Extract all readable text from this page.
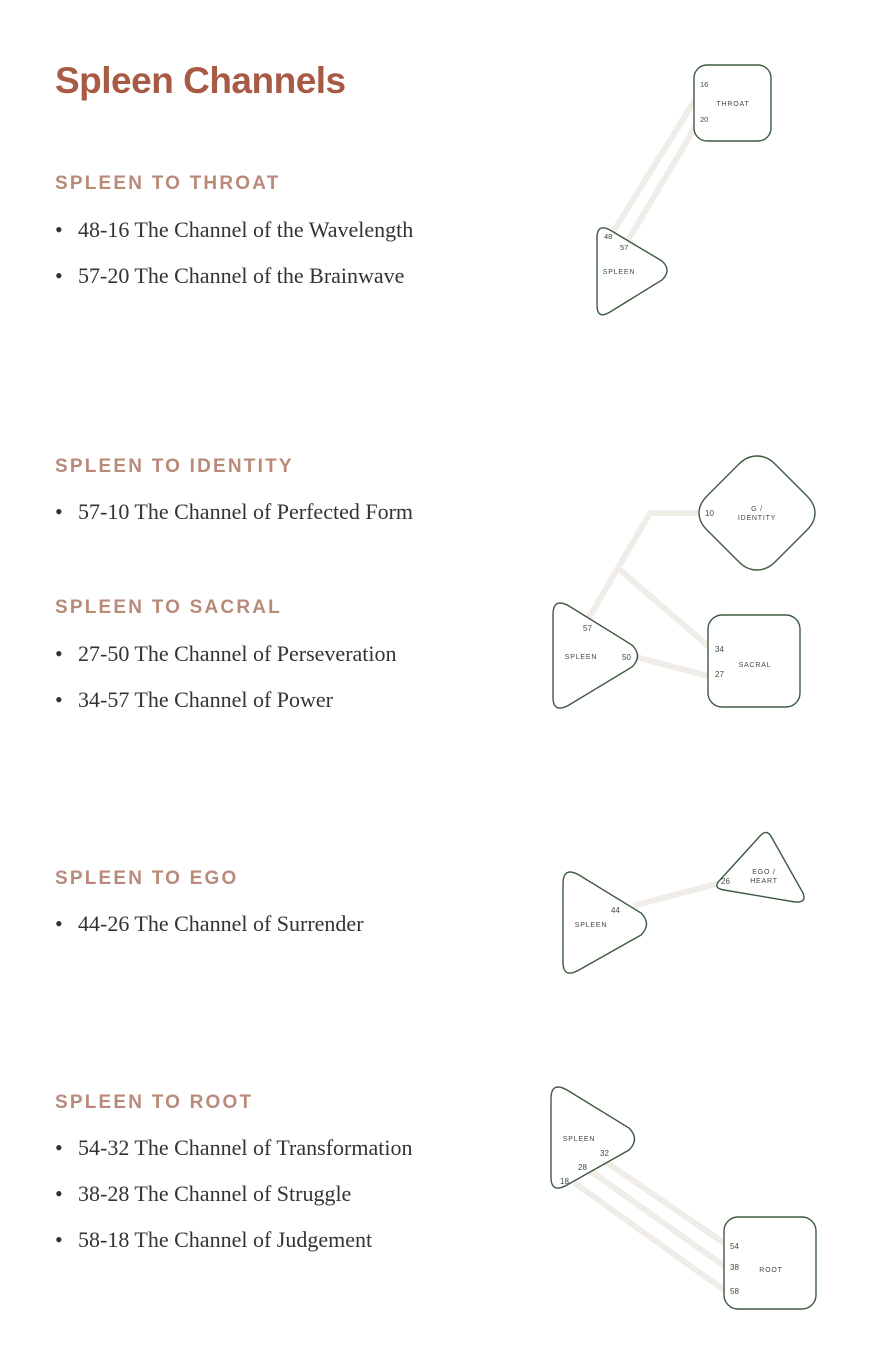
Spleen Channels
SPLEEN TO THROAT
• 48-16 The Channel of the Wavelength
• 57-20 The Channel of the Brainwave
SPLEEN TO IDENTITY
• 57-10 The Channel of Perfected Form
SPLEEN TO SACRAL
• 27-50 The Channel of Perseveration
• 34-57 The Channel of Power
SPLEEN TO EGO
• 44-26 The Channel of Surrender
SPLEEN TO ROOT
• 54-32 The Channel of Transformation
• 38-28 The Channel of Struggle
• 58-18 The Channel of Judgement
THROAT
16
20
SPLEEN
48
57
G /
IDENTITY
10
SPLEEN
57
50
SACRAL
34
27
SPLEEN
44
EGO /
HEART
26
SPLEEN
32
28
18
ROOT
54
38
58
